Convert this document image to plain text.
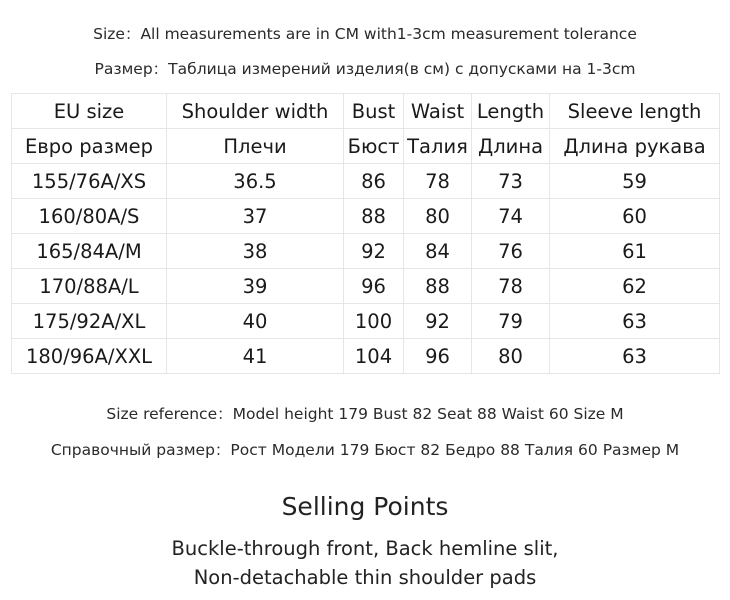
Size：All measurements are in CM with1-3cm measurement tolerance
Размер：Таблица измерений изделия(в см) с допусками на 1-3cm
EU size	Shoulder width	Bust	Waist	Length	Sleeve length
Евро размер	Плечи	Бюст	Талия	Длина	Длина рукава
155/76A/XS	36.5	86	78	73	59
160/80A/S	37	88	80	74	60
165/84A/M	38	92	84	76	61
170/88A/L	39	96	88	78	62
175/92A/XL	40	100	92	79	63
180/96A/XXL	41	104	96	80	63
Size reference：Model height 179 Bust 82 Seat 88 Waist 60 Size M
Справочный размер：Рост Модели 179 Бюст 82 Бедро 88 Талия 60 Размер M
Selling Points
Buckle-through front, Back hemline slit,
Non-detachable thin shoulder pads
